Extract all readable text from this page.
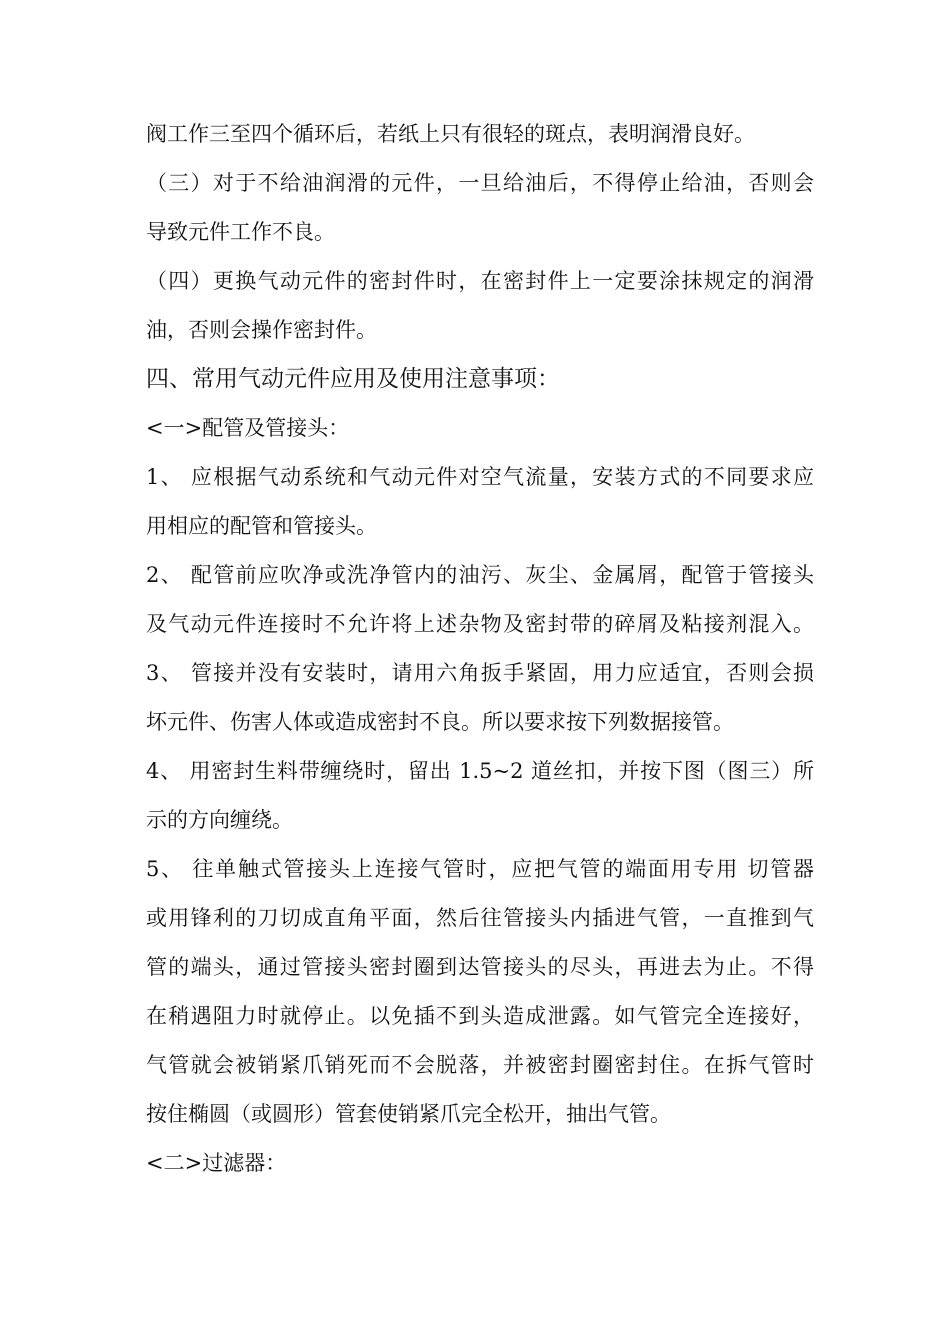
阀工作三至四个循环后，若纸上只有很轻的斑点，表明润滑良好。
（三）对于不给油润滑的元件，一旦给油后，不得停止给油，否则会
导致元件工作不良。
（四）更换气动元件的密封件时，在密封件上一定要涂抹规定的润滑
油，否则会操作密封件。
四、常用气动元件应用及使用注意事项：
<一>配管及管接头：
1、 应根据气动系统和气动元件对空气流量，安装方式的不同要求应
用相应的配管和管接头。
2、 配管前应吹净或洗净管内的油污、灰尘、金属屑，配管于管接头
及气动元件连接时不允许将上述杂物及密封带的碎屑及粘接剂混入。
3、 管接并没有安装时，请用六角扳手紧固，用力应适宜，否则会损
坏元件、伤害人体或造成密封不良。所以要求按下列数据接管。
4、 用密封生料带缠绕时，留出 1.5~2 道丝扣，并按下图（图三）所
示的方向缠绕。
5、 往单触式管接头上连接气管时，应把气管的端面用专用 切管器
或用锋利的刀切成直角平面，然后往管接头内插进气管，一直推到气
管的端头，通过管接头密封圈到达管接头的尽头，再进去为止。不得
在稍遇阻力时就停止。以免插不到头造成泄露。如气管完全连接好，
气管就会被销紧爪销死而不会脱落，并被密封圈密封住。在拆气管时
按住椭圆（或圆形）管套使销紧爪完全松开，抽出气管。
<二>过滤器：
